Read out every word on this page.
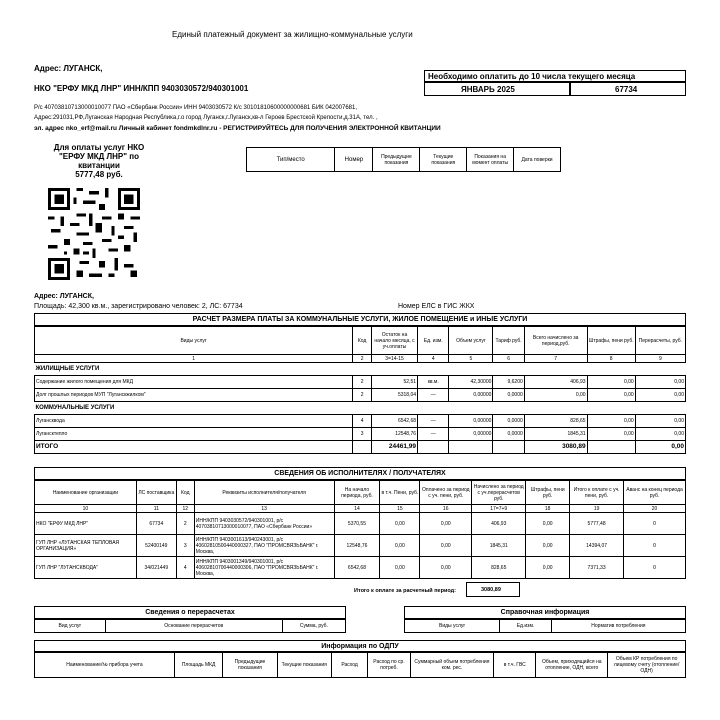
Единый платежный документ за жилищно-коммунальные услуги
Адрес: ЛУГАНСК,
НКО "ЕРФУ МКД ЛНР" ИНН/КПП 9403030572/940301001
Необходимо оплатить до 10 числа текущего месяца
ЯНВАРЬ 2025	67734
Р/с 40703810713000010077 ПАО «Сбербанк России» ИНН 9403030572 К/с 30101810600000000681 БИК 042007681,
Адрес:291031,РФ,Луганская Народная Республика,г.о город Луганск,г.Луганск,кв-л Героев Брестской Крепости,д.31А, тел. ,
эл. адрес nko_erf@mail.ru Личный кабинет fondmkdlnr.ru - РЕГИСТРИРУЙТЕСЬ ДЛЯ ПОЛУЧЕНИЯ ЭЛЕКТРОННОЙ КВИТАНЦИИ
Для оплаты услуг НКО
"ЕРФУ МКД ЛНР" по
квитанции
5777,48 руб.
Тип/место	Номер	Предыдущие показания	Текущие показания	Показания на момент оплаты	Дата поверки
Адрес: ЛУГАНСК,
Площадь: 42,300 кв.м., зарегистрировано человек: 2, ЛС: 67734	Номер ЕЛС в ГИС ЖКХ
РАСЧЕТ РАЗМЕРА ПЛАТЫ ЗА КОММУНАЛЬНЫЕ УСЛУГИ, ЖИЛОЕ ПОМЕЩЕНИЕ и ИНЫЕ УСЛУГИ
Виды услуг	Код	Остаток на начало месяца, с уч.оплаты	Ед. изм.	Объем услуг	Тариф руб.	Всего начислено за период,руб.	Штрафы, пени руб.	Перерасчеты, руб.
1	2	3=14-15	4	5	6	7	8	9
ЖИЛИЩНЫЕ УСЛУГИ								
Содержание жилого помещения для МКД	2	52,51	кв.м.	42,30000	9,6200	406,93	0,00	0,00
Долг прошлых периодов МУП "Луганскжилком"	2	5318,04	—	0,00000	0,0000	0,00	0,00	0,00
КОММУНАЛЬНЫЕ УСЛУГИ								
Лугансквода	4	6542,68	—	0,00000	0,0000	828,65	0,00	0,00
Лугансктепло	3	12548,76	—	0,00000	0,0000	1845,31	0,00	0,00
ИТОГО		24461,99				3080,89		0,00
СВЕДЕНИЯ ОБ ИСПОЛНИТЕЛЯХ / ПОЛУЧАТЕЛЯХ
Наименование организации	ЛС поставщика	Код	Реквизиты исполнителя/получателя	На начало периода, руб.	в т.ч. Пени, руб.	Оплачено за период с уч. пени, руб.	Начислено за период с уч.перерасчетов руб.	Штрафы, пени руб.	Итого к оплате с уч. пени, руб.	Аванс на конец периода руб.
10	11	12	13	14	15	16	17=7+9	18	19	20
НКО "ЕРФУ МКД ЛНР"	67734	2	ИНН/КПП 9403030572/940301001, р/с 40703810713000010077, ПАО «Сбербанк России»	5370,55	0,00	0,00	406,93	0,00	5777,48	0
ГУП ЛНР «ЛУГАНСКАЯ ТЕПЛОВАЯ ОРГАНИЗАЦИЯ»	52400149	3	ИНН/КПП 9403001613/940243001, р/с 40602810500440000327, ПАО "ПРОМСВЯЗЬБАНК" г. Москва,	12548,76	0,00	0,00	1845,31	0,00	14394,07	0
ГУП ЛНР "ЛУГАНСКВОДА"	34/021449	4	ИНН/КПП 9403001349/940301001, р/с 40602810700440000306, ПАО "ПРОМСВЯЗЬБАНК" г. Москва,	6542,68	0,00	0,00	828,65	0,00	7371,33	0
Итого к оплате за расчетный период:	3080,89
Сведения о перерасчетах
Вид услуг	Основание перерасчетов	Сумма, руб.
Справочная информация
Виды услуг	Ед.изм.	Норматив потребления
Информация по ОДПУ
Наименование/№ прибора учета	Площадь МКД	Предыдущие показания	Текущие показания	Расход	Расход по ср. потреб.	Суммарный объем потребления ком. рес.	в т.ч. ГВС	Объем, приходящийся на отопление, ОДН, всего	Объем КР потребления по лицевому счету (отопление/ОДН)
